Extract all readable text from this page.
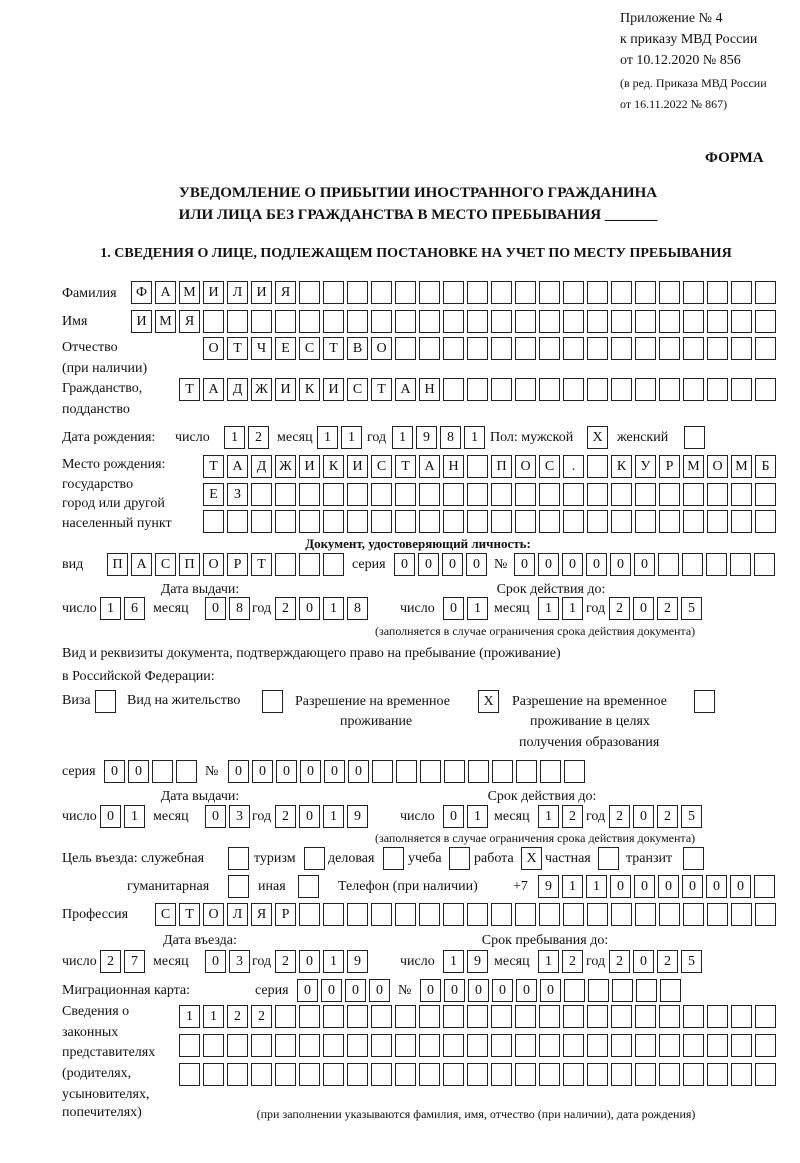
Приложение № 4
к приказу МВД России
от 10.12.2020 № 856
(в ред. Приказа МВД России
от 16.11.2022 № 867)
ФОРМА
УВЕДОМЛЕНИЕ О ПРИБЫТИИ ИНОСТРАННОГО ГРАЖДАНИНА
ИЛИ ЛИЦА БЕЗ ГРАЖДАНСТВА В МЕСТО ПРЕБЫВАНИЯ _______
1. СВЕДЕНИЯ О ЛИЦЕ, ПОДЛЕЖАЩЕМ ПОСТАНОВКЕ НА УЧЕТ ПО МЕСТУ ПРЕБЫВАНИЯ
Фамилия	Ф А М И	Л	И	Я
Имя	И М Я
Отчество
(при наличии)
О	Т	Ч	Е	С	Т	В	О
Гражданство,
подданство
Т	А	Д Ж И	К	И	С	Т	А Н
Дата рождения: число	1	2	месяц 1	1 год 1	9	8	1 Пол: мужской	X	женский
Место рождения:
государство
город или другой
населенный пункт
Т	А	Д Ж И	К	И	С	Т	А Н	П О	С	.	К	У	Р М О М Б
Е	З
Документ, удостоверяющий личность:
вид	П А	С	П О	Р	Т	серия	0	0	0	0	№ 0	0	0	0	0	0
Дата выдачи:	Срок действия до:
число 1	6	месяц	0	8 год 2	0	1	8	число	0	1 месяц	1	1 год 2	0	2	5
(заполняется в случае ограничения срока действия документа)
Вид и реквизиты документа, подтверждающего право на пребывание (проживание)
в Российской Федерации:
Виза	Вид на жительство	Разрешение на временное
проживание
X	Разрешение на временное
проживание в целях
получения образования
серия	0	0	№	0	0	0	0	0	0
Дата выдачи:	Срок действия до:
число 0	1	месяц	0	3 год 2	0	1	9	число	0	1 месяц	1	2 год 2	0	2	5
(заполняется в случае ограничения срока действия документа)
Цель въезда: служебная	туризм деловая учеба работа X частная	транзит
гуманитарная	иная	Телефон (при наличии)	+7	9	1	1	0	0	0	0	0	0
Профессия	С	Т	О	Л	Я	Р
Дата въезда:	Срок пребывания до:
число 2	7	месяц	0	3 год 2	0	1	9	число	1	9 месяц	1	2 год 2	0	2	5
Миграционная карта:	серия	0	0	0	0	№	0	0	0	0	0	0
Сведения о
законных
представителях
(родителях,
усыновителях,
попечителях)
1	1	2	2
(при заполнении указываются фамилия, имя, отчество (при наличии), дата рождения)
